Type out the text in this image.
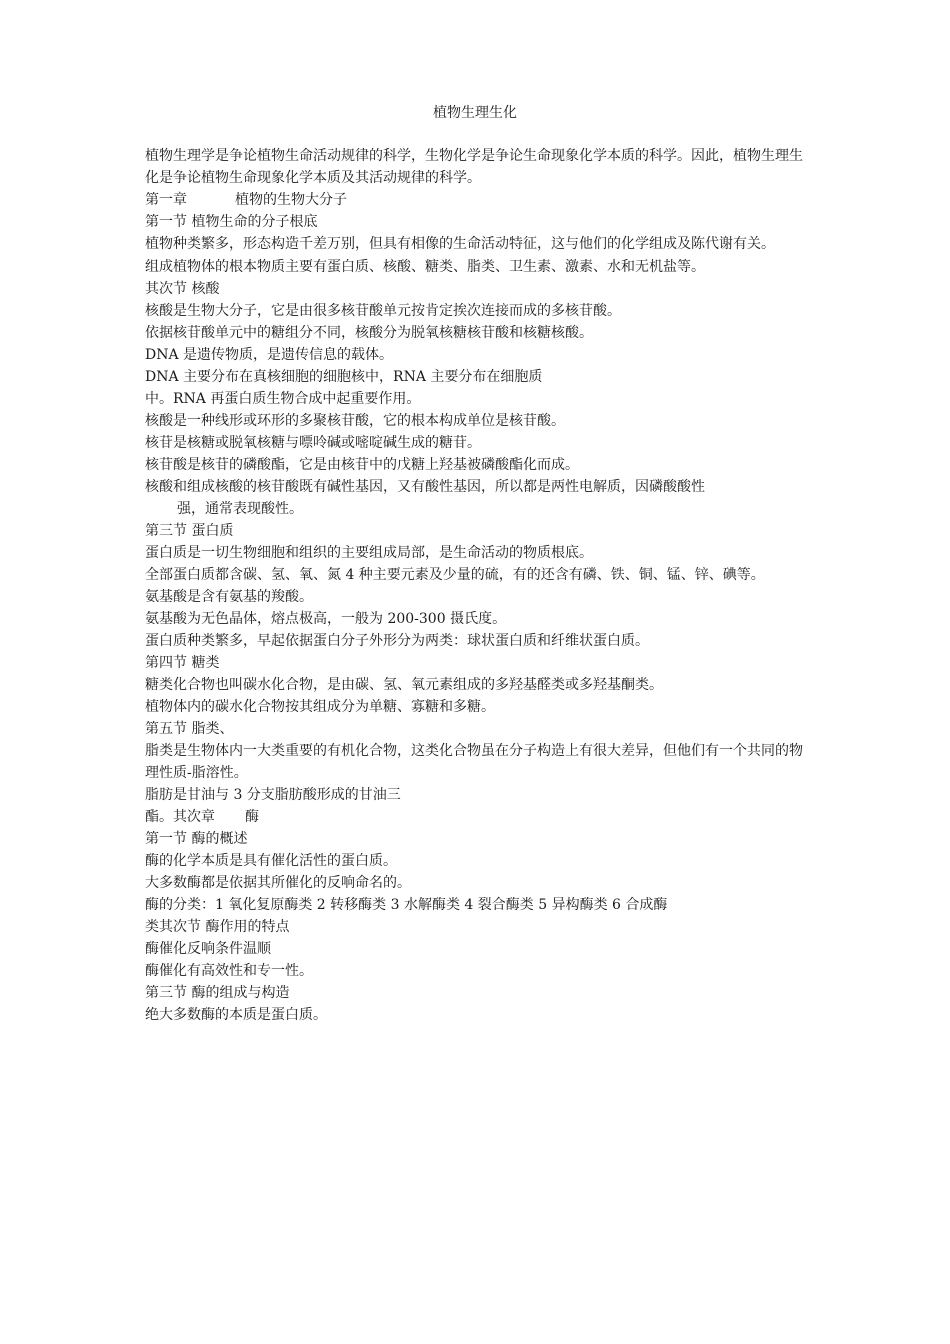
植物生理生化

植物生理学是争论植物生命活动规律的科学，生物化学是争论生命现象化学本质的科学。因此，植物生理生化是争论植物生命现象化学本质及其活动规律的科学。

第一章	植物的生物大分子

第一节 植物生命的分子根底

植物种类繁多，形态构造千差万别，但具有相像的生命活动特征，这与他们的化学组成及陈代谢有关。

组成植物体的根本物质主要有蛋白质、核酸、糖类、脂类、卫生素、激素、水和无机盐等。

其次节 核酸

核酸是生物大分子，它是由很多核苷酸单元按肯定挨次连接而成的多核苷酸。

依据核苷酸单元中的糖组分不同，核酸分为脱氧核糖核苷酸和核糖核酸。

DNA 是遗传物质，是遗传信息的载体。

DNA 主要分布在真核细胞的细胞核中，RNA 主要分布在细胞质

中。RNA 再蛋白质生物合成中起重要作用。

核酸是一种线形或环形的多聚核苷酸，它的根本构成单位是核苷酸。

核苷是核糖或脱氧核糖与嘌呤碱或嘧啶碱生成的糖苷。

核苷酸是核苷的磷酸酯，它是由核苷中的戊糖上羟基被磷酸酯化而成。

核酸和组成核酸的核苷酸既有碱性基因，又有酸性基因，所以都是两性电解质，因磷酸酸性

强，通常表现酸性。

第三节 蛋白质

蛋白质是一切生物细胞和组织的主要组成局部，是生命活动的物质根底。

全部蛋白质都含碳、氢、氧、氮 4 种主要元素及少量的硫，有的还含有磷、铁、铜、锰、锌、碘等。

氨基酸是含有氨基的羧酸。

氨基酸为无色晶体，熔点极高，一般为 200-300 摄氏度。

蛋白质种类繁多，早起依据蛋白分子外形分为两类：球状蛋白质和纤维状蛋白质。

第四节 糖类

糖类化合物也叫碳水化合物，是由碳、氢、氧元素组成的多羟基醛类或多羟基酮类。

植物体内的碳水化合物按其组成分为单糖、寡糖和多糖。

第五节 脂类、

脂类是生物体内一大类重要的有机化合物，这类化合物虽在分子构造上有很大差异，但他们有一个共同的物理性质-脂溶性。

脂肪是甘油与 3 分支脂肪酸形成的甘油三

酯。其次章 酶

第一节 酶的概述

酶的化学本质是具有催化活性的蛋白质。

大多数酶都是依据其所催化的反响命名的。

酶的分类：1 氧化复原酶类 2 转移酶类 3 水解酶类 4 裂合酶类 5 异构酶类 6 合成酶

类其次节 酶作用的特点

酶催化反响条件温顺

酶催化有高效性和专一性。

第三节 酶的组成与构造

绝大多数酶的本质是蛋白质。
